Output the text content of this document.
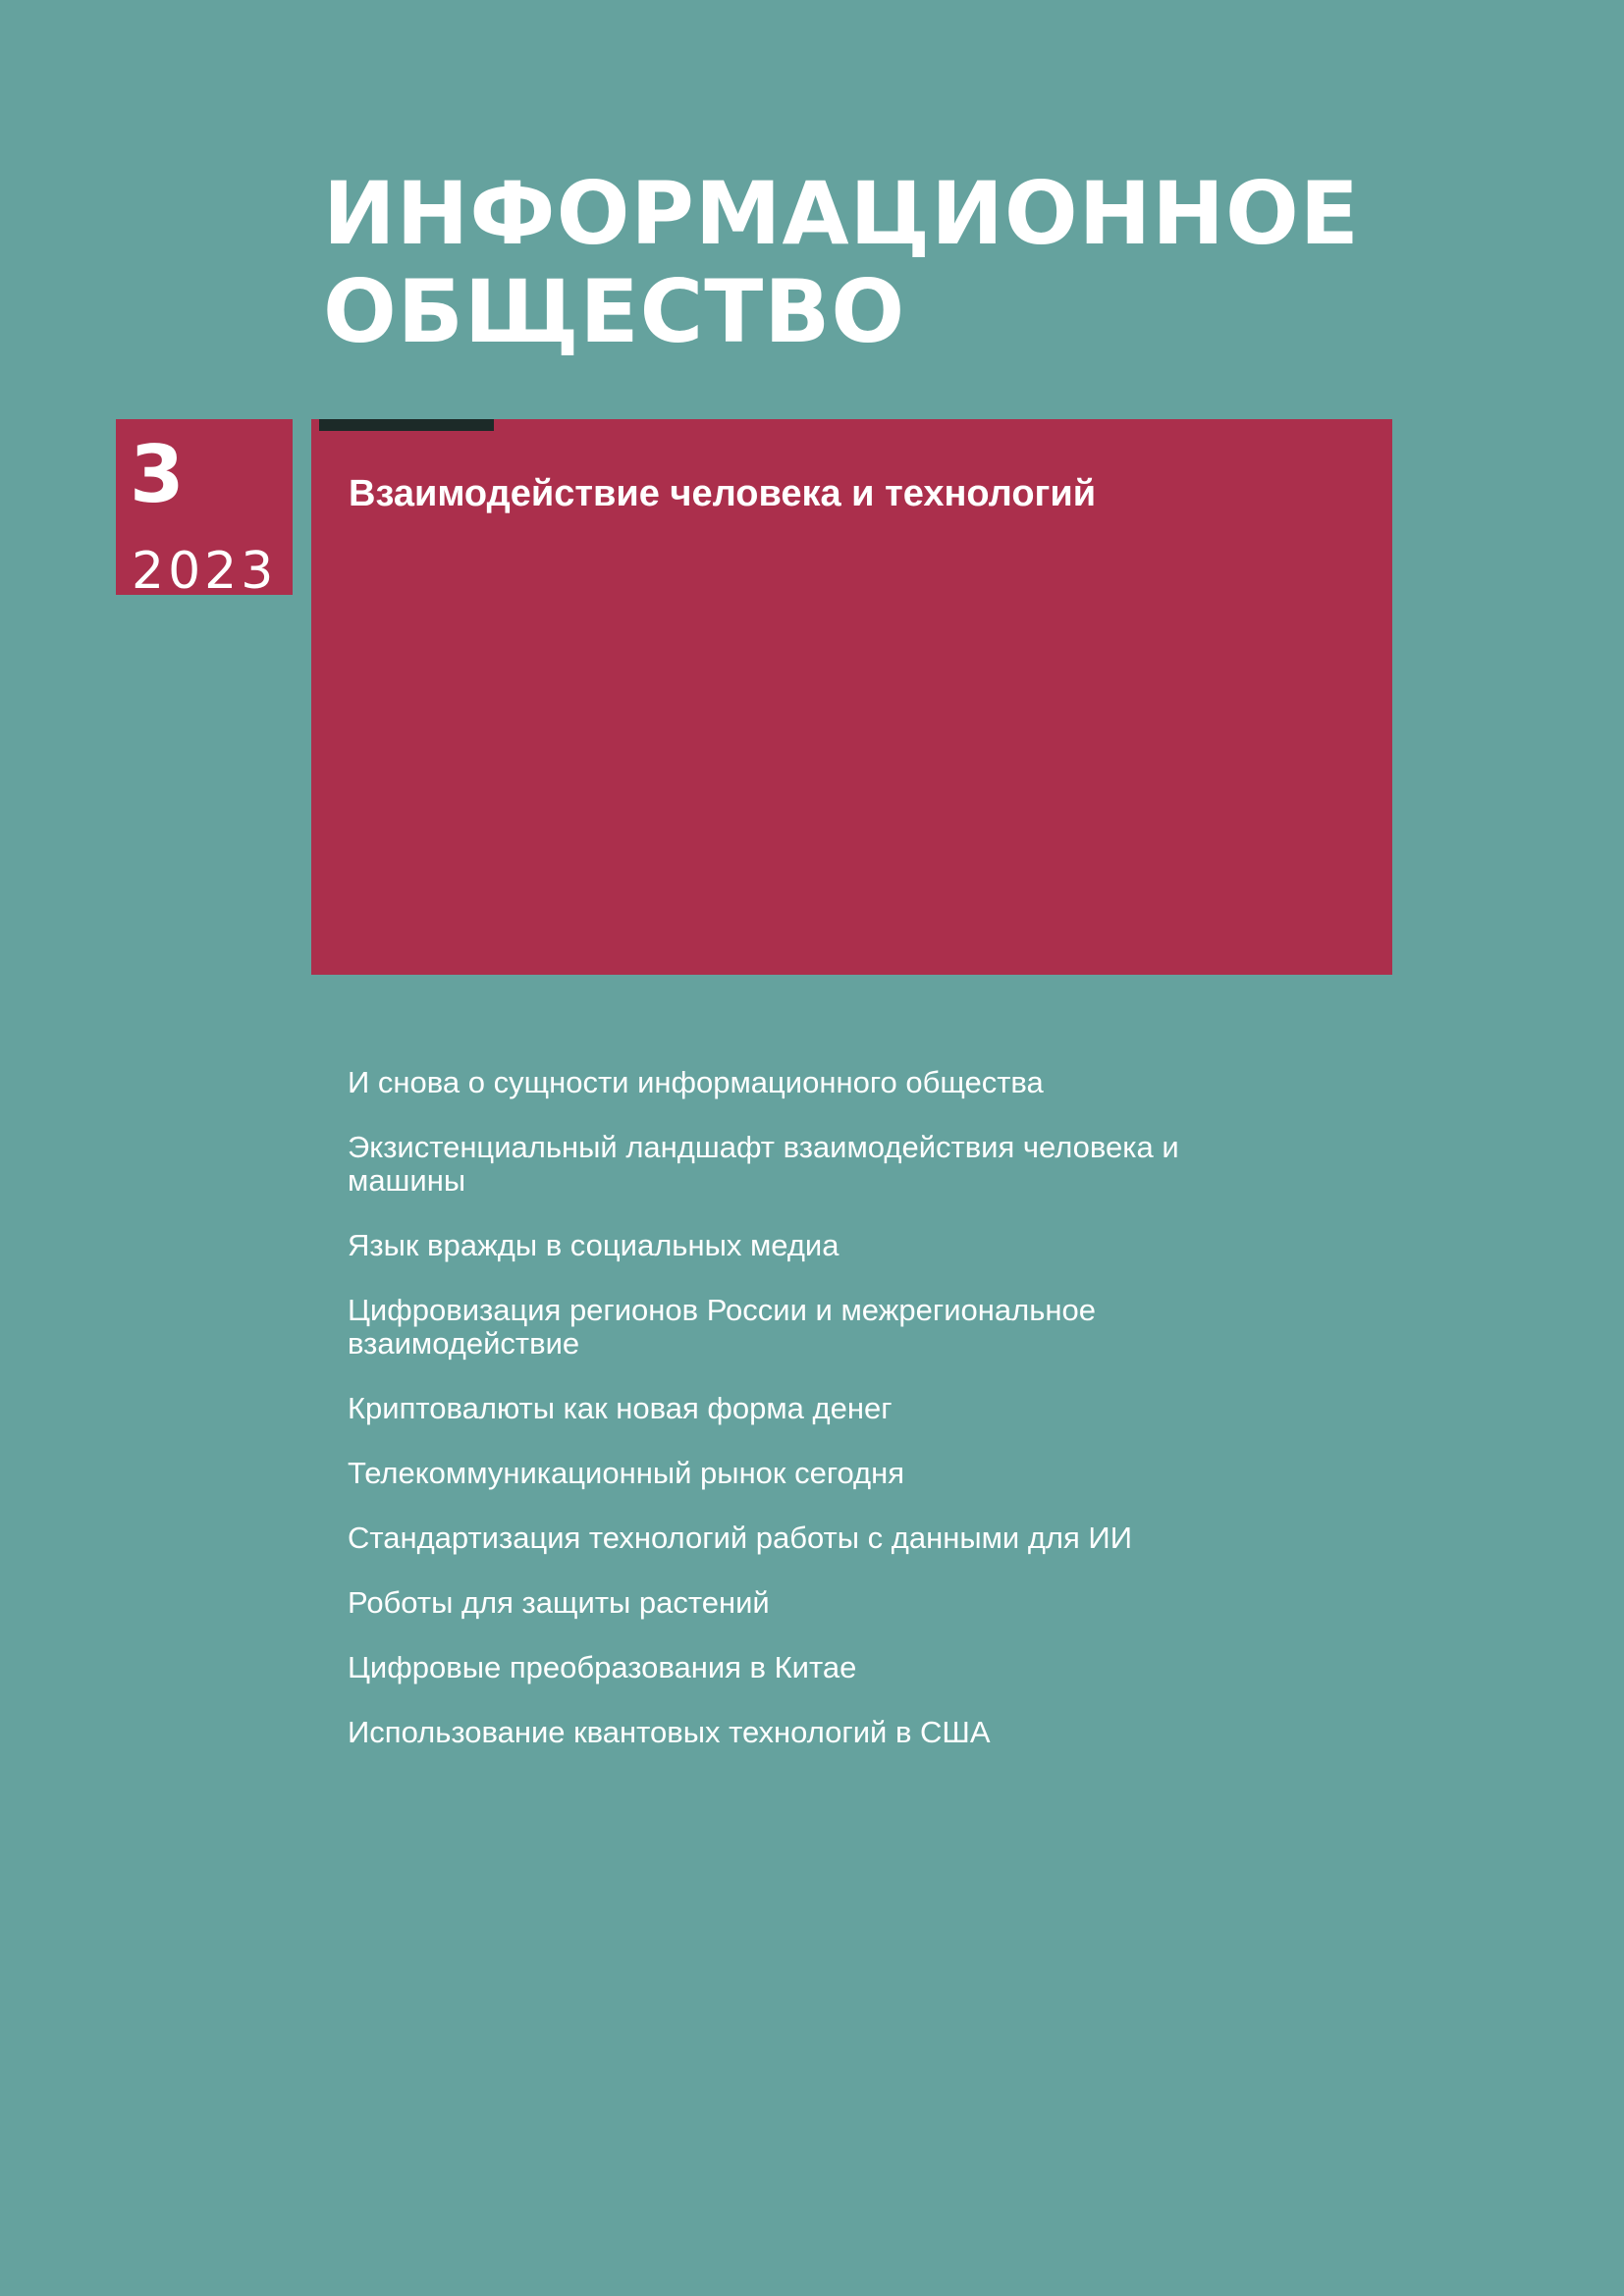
ИНФОРМАЦИОННОЕ
ОБЩЕСТВО
3
2023
Взаимодействие человека и технологий
И снова о сущности информационного общества
Экзистенциальный ландшафт взаимодействия человека и машины
Язык вражды в социальных медиа
Цифровизация регионов России и межрегиональное взаимодействие
Криптовалюты как новая форма денег
Телекоммуникационный рынок сегодня
Стандартизация технологий работы с данными для ИИ
Роботы для защиты растений
Цифровые преобразования в Китае
Использование квантовых технологий в США
